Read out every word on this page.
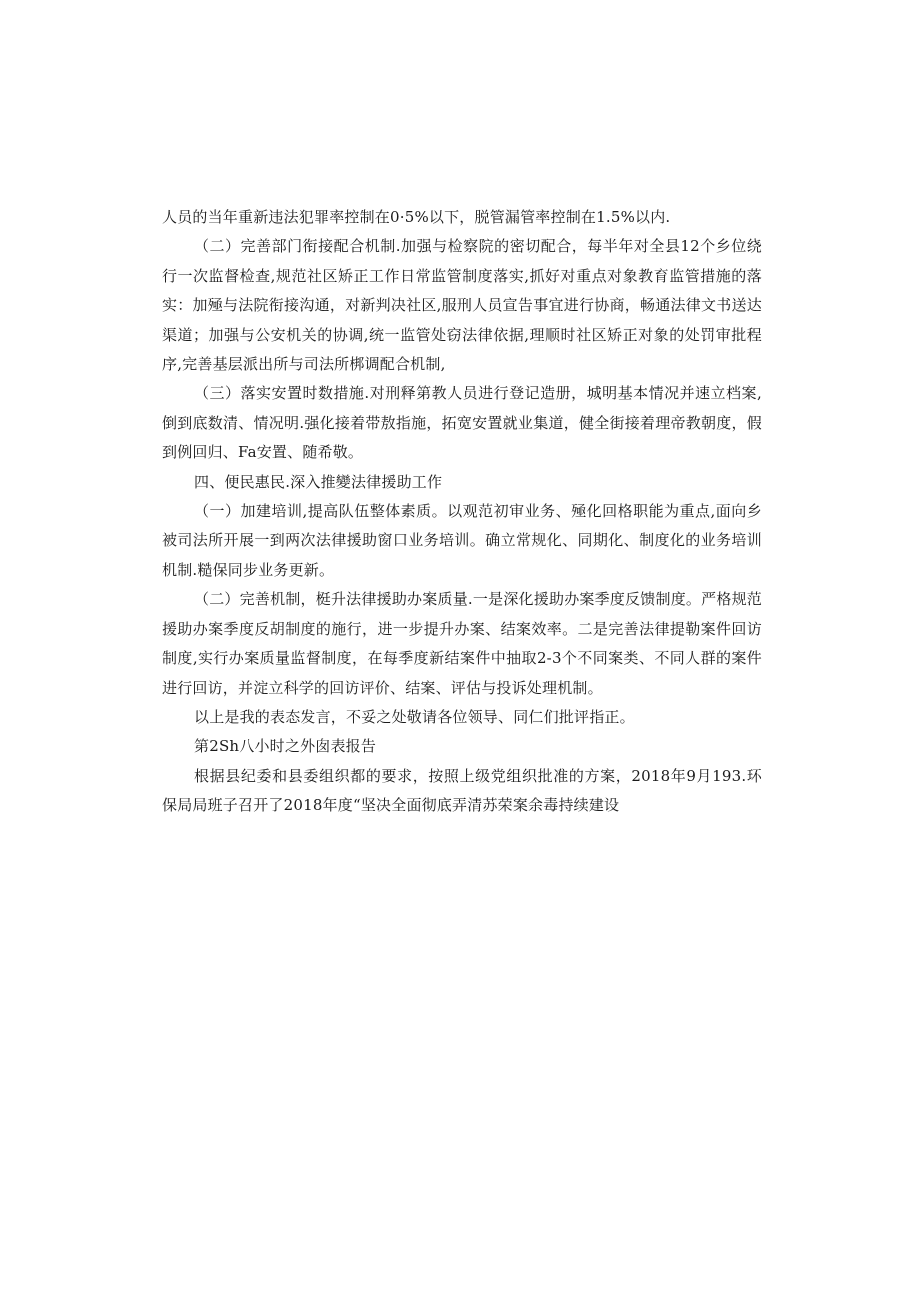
人员的当年重新违法犯罪率控制在0·5%以下，脱管漏管率控制在1.5%以内.

（二）完善部门衔接配合机制.加强与检察院的密切配合，每半年对全县12个乡位绕行一次监督检查,规范社区矫正工作日常监管制度落实,抓好对重点对象教育监管措施的落实：加殛与法院衔接沟通，对新判决社区,服刑人员宣告事宜进行协商，畅通法律文书送达渠道；加强与公安机关的协调,统一监管处窃法律依据,理顺时社区矫正对象的处罚审批程序,完善基层派出所与司法所梆调配合机制,

（三）落实安置时数措施.对刑释第教人员进行登记造册，城明基本情况并速立档案,倒到底数清、情况明.强化接着带敖指施，拓宽安置就业集道，健全街接着理帝教朝度，假到例回归、Fa安置、随希敬。

四、便民惠民.深入推變法律援助工作

（一）加建培训,提高队伍整体素质。以观范初审业务、殛化回格职能为重点,面向乡被司法所开展一到两次法律援助窗口业务培训。确立常规化、同期化、制度化的业务培训机制.糙保同步业务更新。

（二）完善机制，梃升法律援助办案质量.一是深化援助办案季度反馈制度。严格规范援助办案季度反胡制度的施行，进一步提升办案、结案效率。二是完善法律提勒案件回访制度,实行办案质量监督制度，在每季度新结案件中抽取2-3个不同案类、不同人群的案件进行回访，并淀立科学的回访评价、结案、评估与投诉处理机制。

以上是我的表态发言，不妥之处敬请各位领导、同仁们批评指正。

第2Sh八小时之外囱表报告

根据县纪委和县委组织都的要求，按照上级党组织批准的方案，2018年9月193.环保局局班子召开了2018年度“坚决全面彻底弄清苏荣案余毒持续建设
